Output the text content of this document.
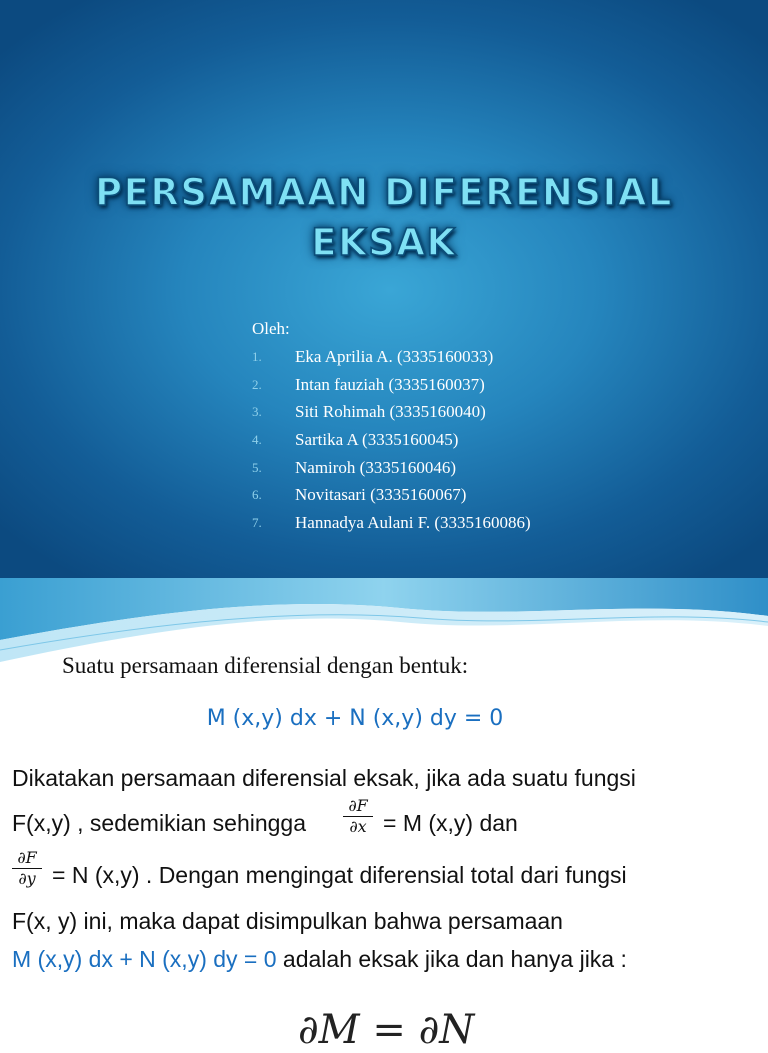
PERSAMAAN DIFERENSIAL
EKSAK
Oleh:
1.	Eka Aprilia A. (3335160033)
2.	Intan fauziah (3335160037)
3.	Siti Rohimah (3335160040)
4.	Sartika A (3335160045)
5.	Namiroh (3335160046)
6.	Novitasari (3335160067)
7.	Hannadya Aulani F. (3335160086)
Suatu persamaan diferensial dengan bentuk:
M (x,y) dx + N (x,y) dy = 0
Dikatakan persamaan diferensial eksak, jika ada suatu fungsi
F(x,y) , sedemikian sehingga
∂F
∂x = M (x,y) dan
∂F
∂y = N (x,y) . Dengan mengingat diferensial total dari fungsi
F(x, y) ini, maka dapat disimpulkan bahwa persamaan
M (x,y) dx + N (x,y) dy = 0 adalah eksak jika dan hanya jika :
∂M = ∂N
